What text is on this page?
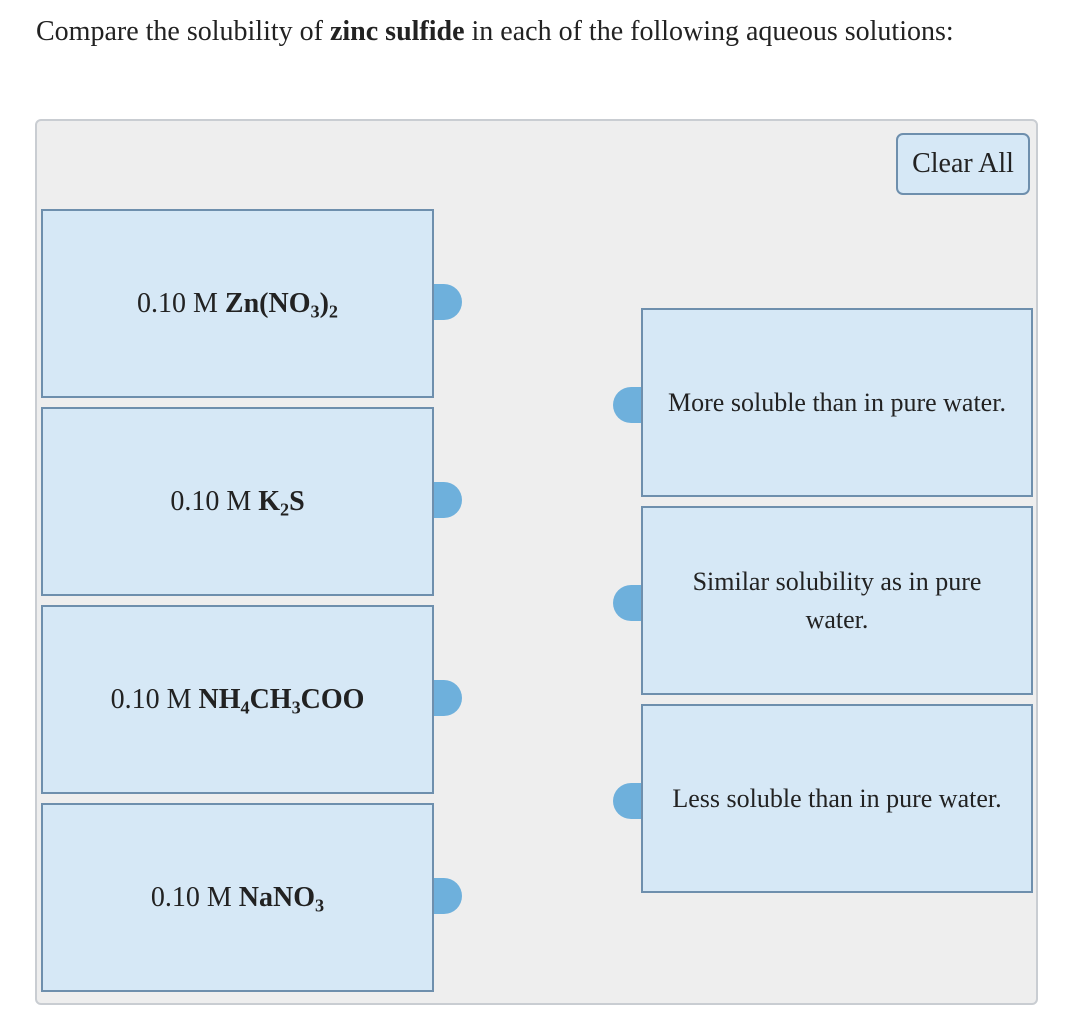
Compare the solubility of zinc sulfide in each of the following aqueous solutions:
Clear All
0.10 M $Zn(NO_3)_2$
0.10 M $K_2S$
0.10 M $NH_4CH_3COO$
0.10 M NaNO$_3$
More soluble than in pure water.
Similar solubility as in pure water.
Less soluble than in pure water.
